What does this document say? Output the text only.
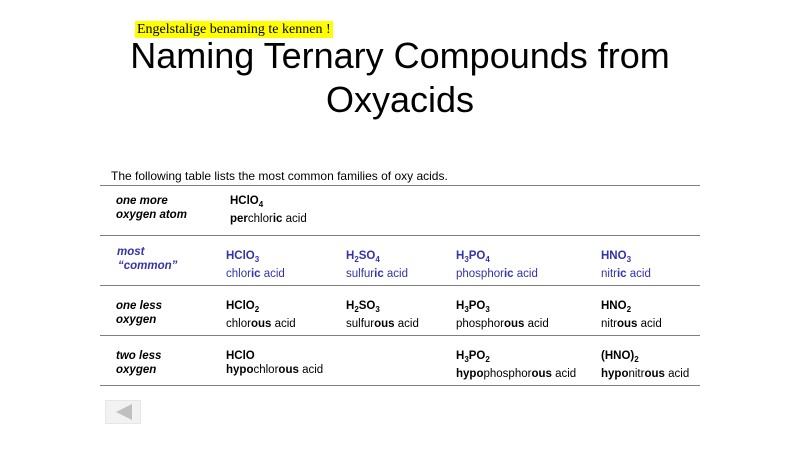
Engelstalige benaming te kennen !
Naming Ternary Compounds from
Oxyacids
The following table lists the most common families of oxy acids.
one more
oxygen atom
HClO$_4$
perchloric acid
most
“common”
HClO$_3$
chloric acid
$H_2SO_4$
sulfuric acid
$H_3PO_4$
phosphoric acid
$HNO_3$
nitric acid
one less
oxygen
HClO$_2$
chlorous acid
$H_2SO_3$
sulfurous acid
$H_3PO_3$
phosphorous acid
$HNO_2$
nitrous acid
two less
oxygen
HClO
hypochlorous acid
$H_3PO_2$
hypophosphorous acid
$(HNO)_2$
hyponitrous acid
